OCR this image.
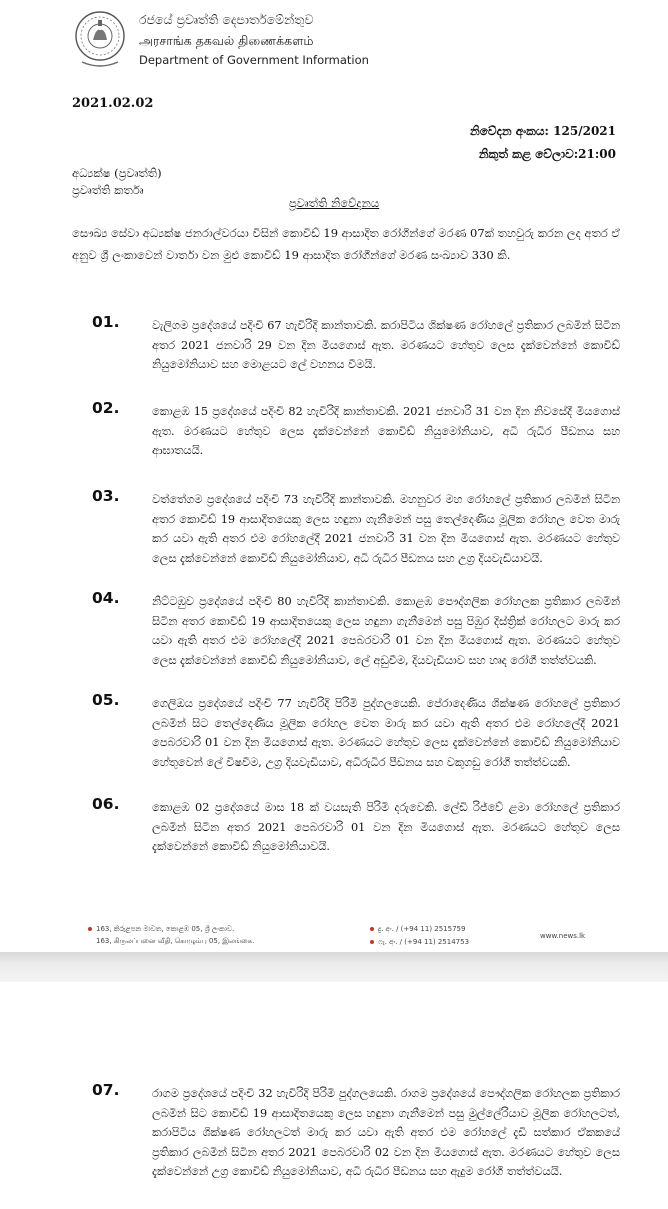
රජයේ ප්‍රවෘත්ති දෙපාර්තමේන්තුව
அரசாங்க தகவல் திணைக்களம்
Department of Government Information
2021.02.02
නිවේදන අංකය: 125/2021
නිකුත් කළ වේලාව:21:00
අධ්‍යක්ෂ (ප්‍රවෘත්ති)
ප්‍රවෘත්ති කර්තෘ
ප්‍රවෘත්ති නිවේදනය
සෞඛ්‍ය සේවා අධ්‍යක්ෂ ජනරාල්වරයා විසින් කොවිඩ් 19 ආසාදිත රෝගීන්ගේ මරණ 07ක් තහවුරු කරන ලද අතර ඒ අනුව ශ්‍රී ලංකාවෙන් වාර්තා වන මුළු කොවිඩ් 19 ආසාදිත රෝගීන්ගේ මරණ සංඛ්‍යාව 330 කි.
01.	වැලිගම ප්‍රදේශයේ පදිංචි 67 හැවිරිදි කාන්තාවකි. කරාපිටිය ශික්ෂණ රෝහලේ ප්‍රතිකාර ලබමින් සිටින අතර 2021 ජනවාරි 29 වන දින මියගොස් ඇත. මරණයට හේතුව ලෙස දැක්වෙන්නේ කොවිඩ් නියුමෝනියාව සහ මොළයට ලේ වහනය වීමයි.
02.	කොළඹ 15 ප්‍රදේශයේ පදිංචි 82 හැවිරිදි කාන්තාවකි. 2021 ජනවාරි 31 වන දින නිවසේදී මියගොස් ඇත. මරණයට හේතුව ලෙස දැක්වෙන්නේ කොවිඩ් නියුමෝනියාව, අධි රුධිර පීඩනය සහ ආඝාතයයි.
03.	වත්තේගම ප්‍රදේශයේ පදිංචි 73 හැවිරිදි කාන්තාවකි. මහනුවර මහ රෝහලේ ප්‍රතිකාර ලබමින් සිටින අතර කොවිඩ් 19 ආසාදිතයෙකු ලෙස හඳුනා ගැනීමෙන් පසු තෙල්දෙණිය මූලික රෝහල වෙත මාරු කර යවා ඇති අතර එම රෝහලේදී 2021 ජනවාරි 31 වන දින මියගොස් ඇත. මරණයට හේතුව ලෙස දැක්වෙන්නේ කොවිඩ් නියුමෝනියාව, අධි රුධිර පීඩනය සහ උග්‍ර දියවැඩියාවයි.
04.	නිට්ටඹුව ප්‍රදේශයේ පදිංචි 80 හැවිරිදි කාන්තාවකි. කොළඹ පෞද්ගලික රෝහලක ප්‍රතිකාර ලබමින් සිටින අතර කොවිඩ් 19 ආසාදිතයෙකු ලෙස හඳුනා ගැනීමෙන් පසු පිඹුර දිස්ත්‍රික් රෝහලට මාරු කර යවා ඇති අතර එම රෝහලේදී 2021 පෙබරවාරි 01 වන දින මියගොස් ඇත. මරණයට හේතුව ලෙස දැක්වෙන්නේ කොවිඩ් නියුමෝනියාව, ලේ අඩුවීම, දියවැඩියාව සහ හෘද රෝගී තත්ත්වයකි.
05.	ගෙලිඔය ප්‍රදේශයේ පදිංචි 77 හැවිරිදි පිරිමි පුද්ගලයෙකි. පේරාදෙණිය ශික්ෂණ රෝහලේ ප්‍රතිකාර ලබමින් සිට තෙල්දෙණිය මූලික රෝහල වෙත මාරු කර යවා ඇති අතර එම රෝහලේදී 2021 පෙබරවාරි 01 වන දින මියගොස් ඇත. මරණයට හේතුව ලෙස දැක්වෙන්නේ කොවිඩ් නියුමෝනියාව හේතුවෙන් ලේ විෂවීම, උග්‍ර දියවැඩියාව, අධිරුධිර පීඩනය සහ වකුගඩු රෝගී තත්ත්වයකි.
06.	කොළඹ 02 ප්‍රදේශයේ මාස 18 ක් වයසැති පිරිමි දරුවෙකි. ලේඩි රිජ්වේ ළමා රෝහලේ ප්‍රතිකාර ලබමින් සිටින අතර 2021 පෙබරවාරි 01 වන දින මියගොස් ඇත. මරණයට හේතුව ලෙස දැක්වෙන්නේ කොවිඩ් නියුමෝනියාවයි.
163, කිරුළපන මාවත, කොළඹ 05, ශ්‍රී ලංකාව.
163, கிருலப்பனை வீதி, கொழும்பு 05, இலங்கை.
දු. අං. / (+94 11) 2515759
ෆැ. අං. / (+94 11) 2514753
www.news.lk
07.	රාගම ප්‍රදේශයේ පදිංචි 32 හැවිරිදි පිරිමි පුද්ගලයෙකි. රාගම ප්‍රදේශයේ පෞද්ගලික රෝහලක ප්‍රතිකාර ලබමින් සිට කොවිඩ් 19 ආසාදිතයෙකු ලෙස හඳුනා ගැනීමෙන් පසු මුල්ලේරියාව මූලික රෝහලටත්, කරාපිටිය ශික්ෂණ රෝහලටත් මාරු කර යවා ඇති අතර එම රෝහලේ දැඩි සත්කාර ඒකකයේ ප්‍රතිකාර ලබමින් සිටින අතර 2021 පෙබරවාරි 02 වන දින මියගොස් ඇත. මරණයට හේතුව ලෙස දැක්වෙන්නේ උග්‍ර කොවිඩ් නියුමෝනියාව, අධි රුධිර පීඩනය සහ ඇදුම රෝගී තත්ත්වයයි.
